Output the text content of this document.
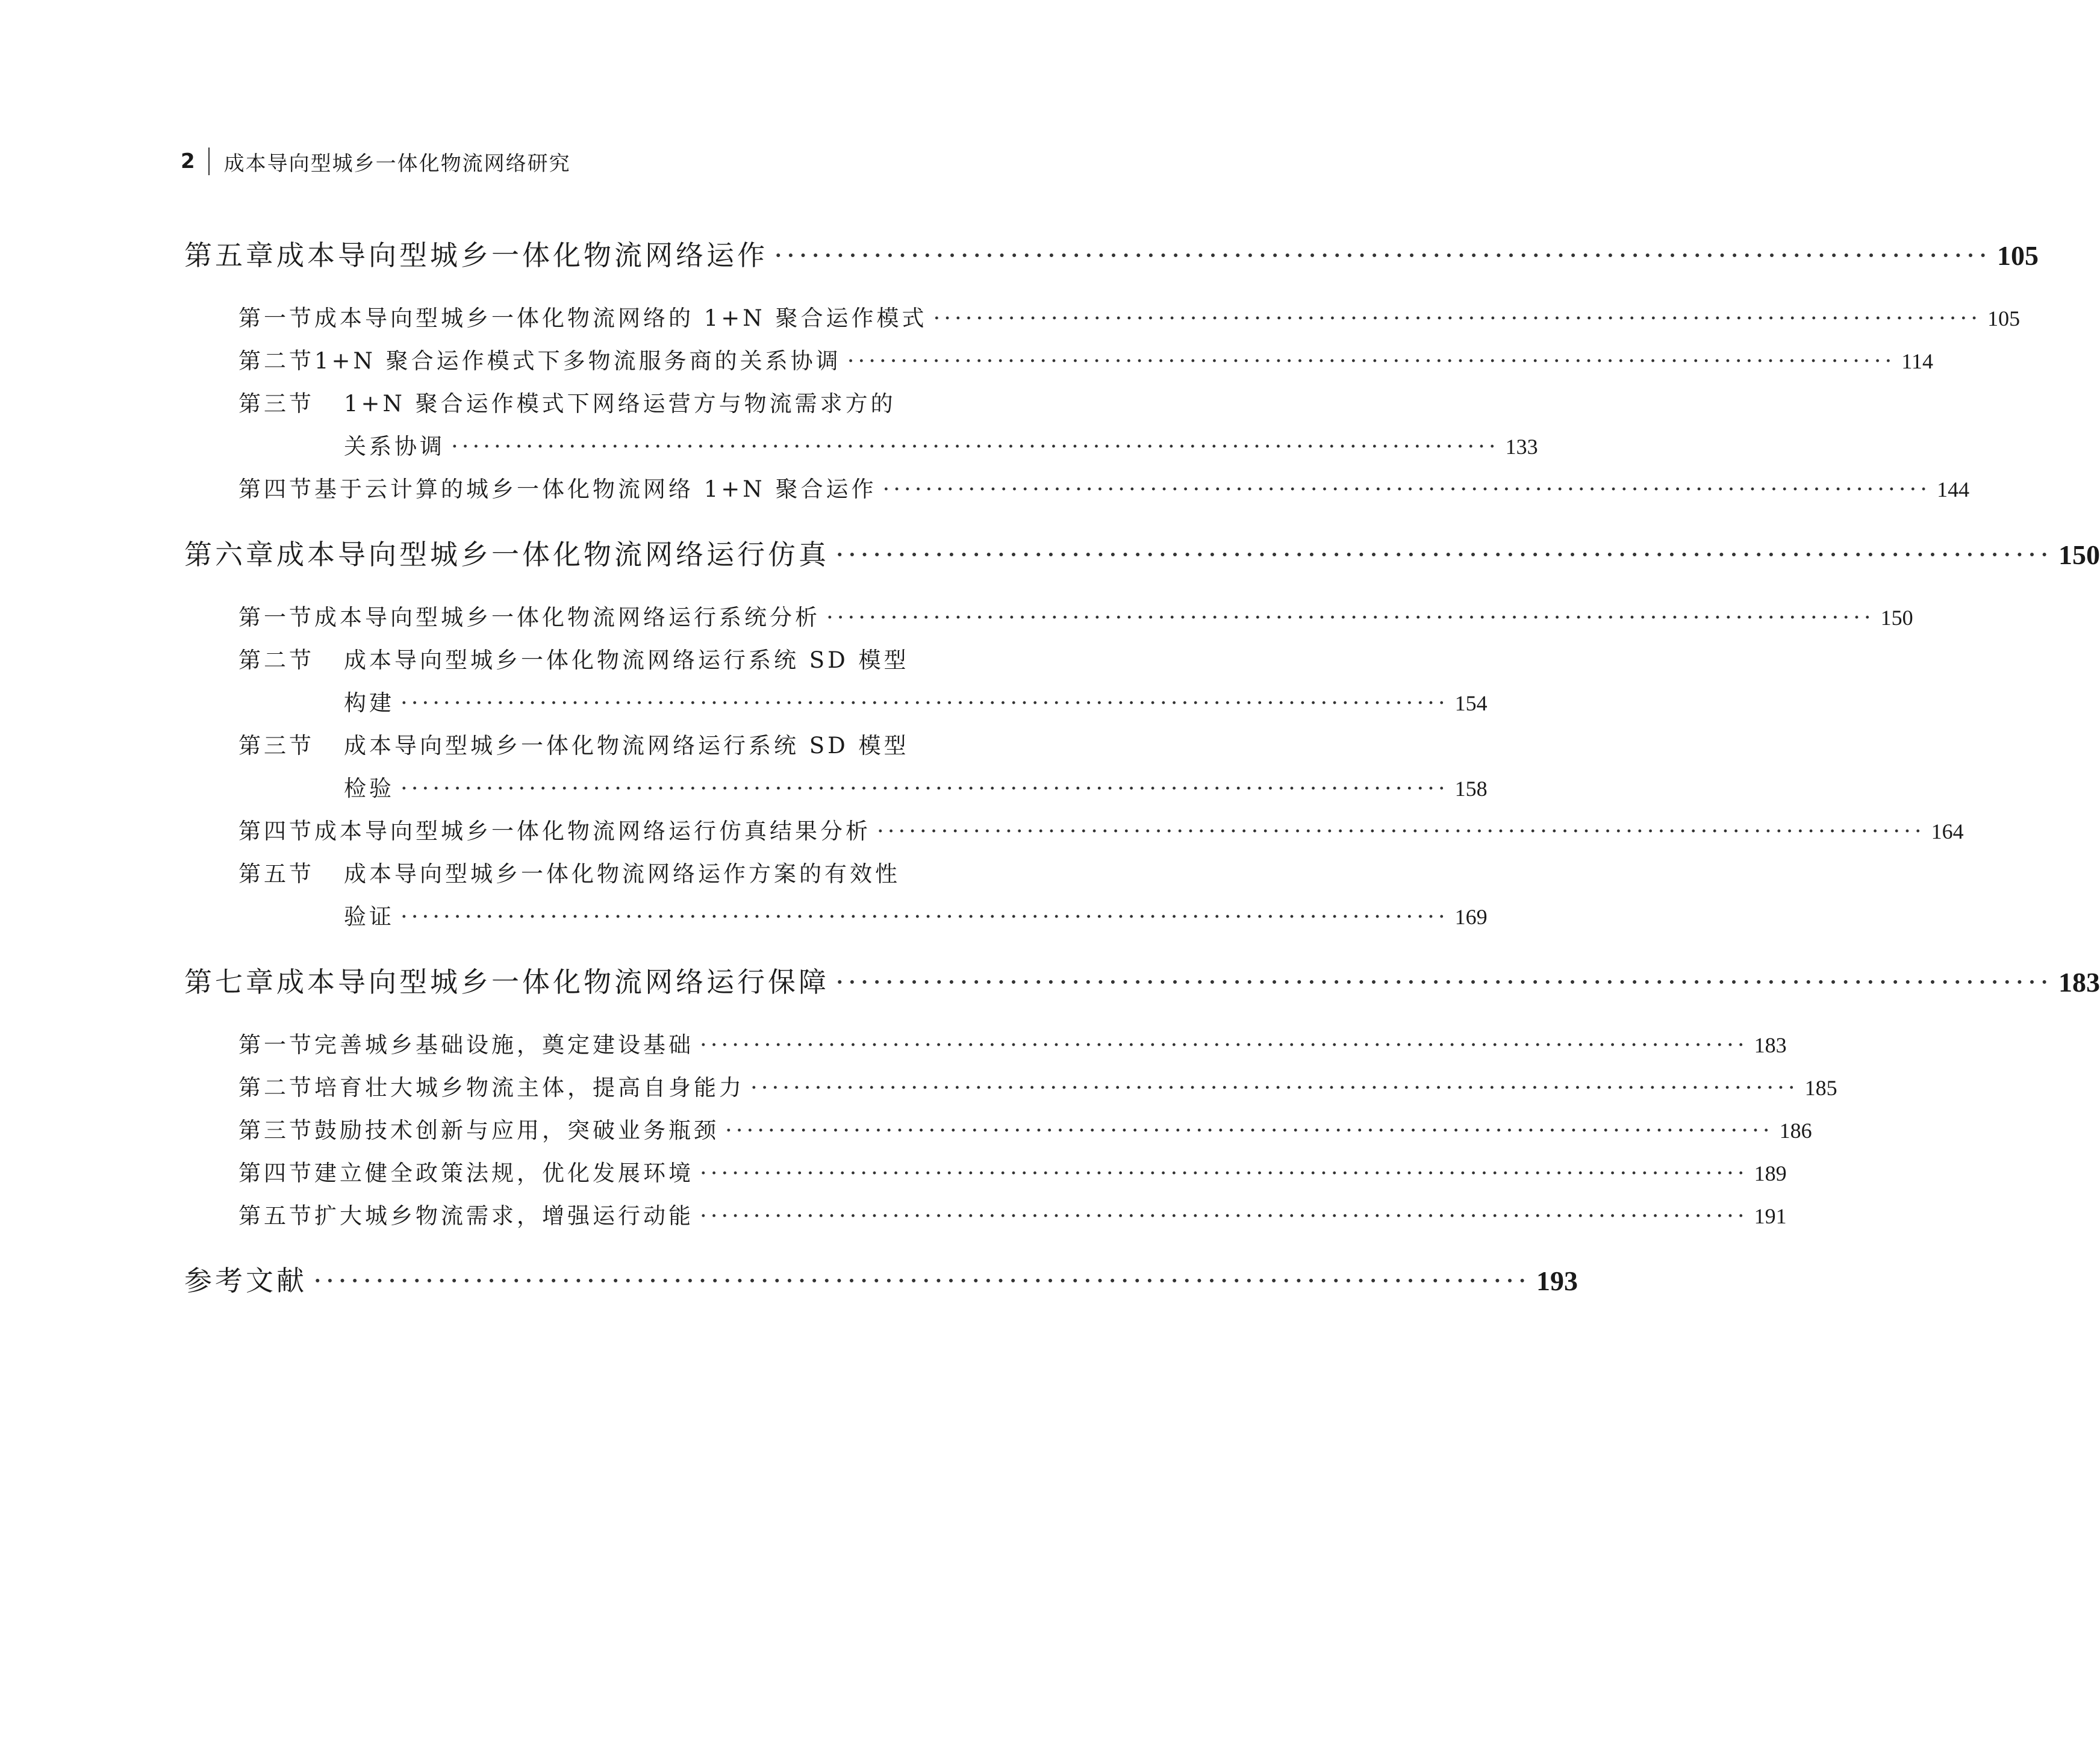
2 成本导向型城乡一体化物流网络研究
第五章 成本导向型城乡一体化物流网络运作 ·································································································· 105
第一节 成本导向型城乡一体化物流网络的 1+N 聚合运作模式 ·································································································· 105
第二节 1+N 聚合运作模式下多物流服务商的关系协调 ·································································································· 114
第三节	1+N 聚合运作模式下网络运营方与物流需求方的
关系协调 ·································································································· 133
第四节 基于云计算的城乡一体化物流网络 1+N 聚合运作 ·································································································· 144
第六章 成本导向型城乡一体化物流网络运行仿真 ·································································································· 150
第一节 成本导向型城乡一体化物流网络运行系统分析 ·································································································· 150
第二节	成本导向型城乡一体化物流网络运行系统 SD 模型
构建 ·································································································· 154
第三节	成本导向型城乡一体化物流网络运行系统 SD 模型
检验 ·································································································· 158
第四节 成本导向型城乡一体化物流网络运行仿真结果分析 ·································································································· 164
第五节	成本导向型城乡一体化物流网络运作方案的有效性
验证 ·································································································· 169
第七章 成本导向型城乡一体化物流网络运行保障 ·································································································· 183
第一节 完善城乡基础设施，奠定建设基础 ·································································································· 183
第二节 培育壮大城乡物流主体，提高自身能力 ·································································································· 185
第三节 鼓励技术创新与应用，突破业务瓶颈 ·································································································· 186
第四节 建立健全政策法规，优化发展环境 ·································································································· 189
第五节 扩大城乡物流需求，增强运行动能 ·································································································· 191
参考文献 ·································································································· 193
